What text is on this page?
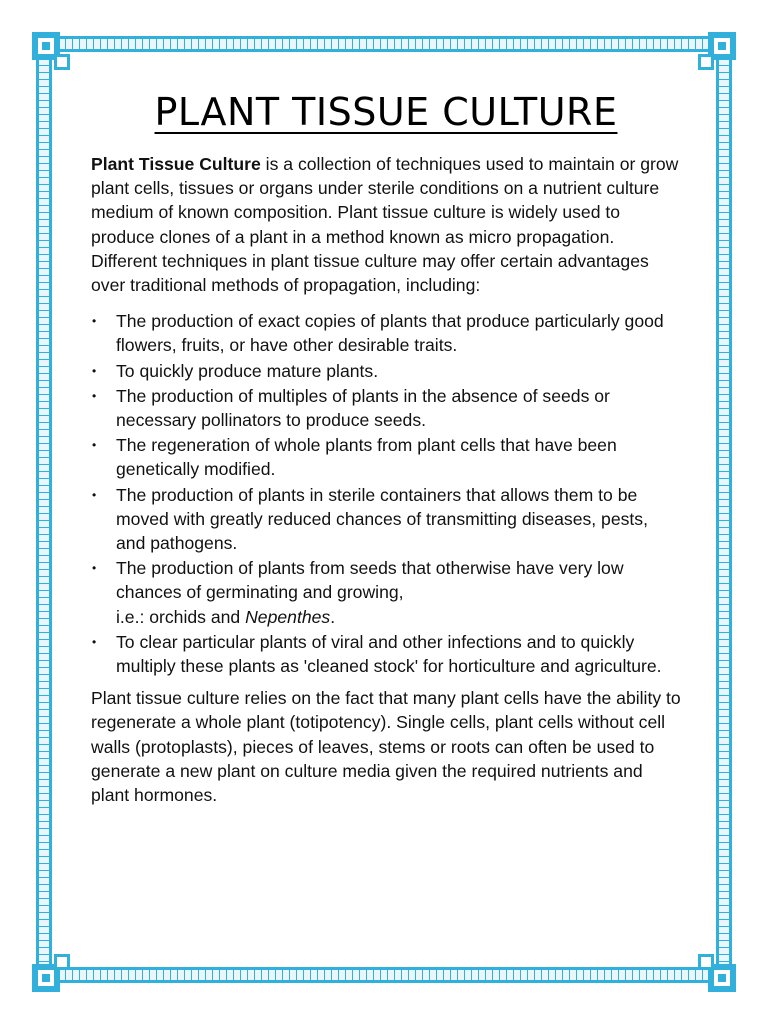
PLANT TISSUE CULTURE

Plant Tissue Culture is a collection of techniques used to maintain or grow plant cells, tissues or organs under sterile conditions on a nutrient culture medium of known composition. Plant tissue culture is widely used to produce clones of a plant in a method known as micro propagation. Different techniques in plant tissue culture may offer certain advantages over traditional methods of propagation, including:

• The production of exact copies of plants that produce particularly good flowers, fruits, or have other desirable traits.
• To quickly produce mature plants.
• The production of multiples of plants in the absence of seeds or necessary pollinators to produce seeds.
• The regeneration of whole plants from plant cells that have been genetically modified.
• The production of plants in sterile containers that allows them to be moved with greatly reduced chances of transmitting diseases, pests, and pathogens.
• The production of plants from seeds that otherwise have very low chances of germinating and growing,
i.e.: orchids and Nepenthes.
• To clear particular plants of viral and other infections and to quickly multiply these plants as 'cleaned stock' for horticulture and agriculture.

Plant tissue culture relies on the fact that many plant cells have the ability to regenerate a whole plant (totipotency). Single cells, plant cells without cell walls (protoplasts), pieces of leaves, stems or roots can often be used to generate a new plant on culture media given the required nutrients and plant hormones.
